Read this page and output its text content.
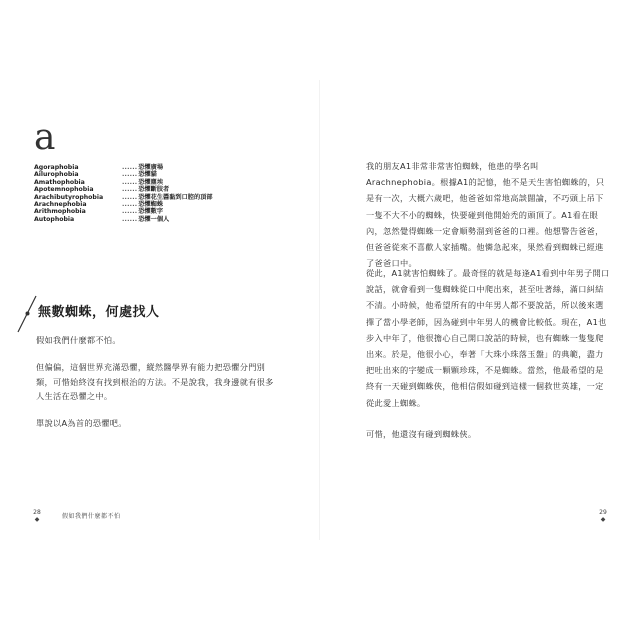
a
Agoraphobia	...... 恐懼廣場
Ailurophobia	...... 恐懼貓
Amathophobia	...... 恐懼塵埃
Apotemnophobia	...... 恐懼斷肢者
Arachibutyrophobia	...... 恐懼花生醬黏到口腔的頂部
Arachnephobia	...... 恐懼蜘蛛
Arithmophobia	...... 恐懼數字
Autophobia	...... 恐懼一個人
無數蜘蛛，何處找人

假如我們什麼都不怕。

但偏偏，這個世界充滿恐懼，縱然醫學界有能力把恐懼分門別類，可惜始終沒有找到根治的方法。不是說我，我身邊就有很多人生活在恐懼之中。

單說以A為首的恐懼吧。

28
◆	假如我們什麼都不怕

我的朋友A1非常非常害怕蜘蛛，他患的學名叫Arachnephobia。根據A1的記憶，他不是天生害怕蜘蛛的，只是有一次，大概六歲吧，他爸爸如常地高談闊論，不巧頭上吊下一隻不大不小的蜘蛛，快要碰到他開始禿的頭頂了。A1看在眼內，忽然覺得蜘蛛一定會順勢溜到爸爸的口裡。他想警告爸爸，但爸爸從來不喜歡人家插嘴。他憐急起來，果然看到蜘蛛已經進了爸爸口中。

從此，A1就害怕蜘蛛了。最奇怪的就是每逢A1看到中年男子開口說話，就會看到一隻蜘蛛從口中爬出來，甚至吐著絲，滿口糾結不清。小時候，他希望所有的中年男人都不要說話，所以後來選擇了當小學老師，因為碰到中年男人的機會比較低。現在，A1也步入中年了，他很擔心自己開口說話的時候，也有蜘蛛一隻隻爬出來。於是，他很小心，奉著「大珠小珠落玉盤」的典範，盡力把吐出來的字變成一顆顆珍珠，不是蜘蛛。當然，他最希望的是終有一天碰到蜘蛛俠，他相信假如碰到這樣一個救世英雄，一定從此愛上蜘蛛。

可惜，他還沒有碰到蜘蛛俠。

29
◆
